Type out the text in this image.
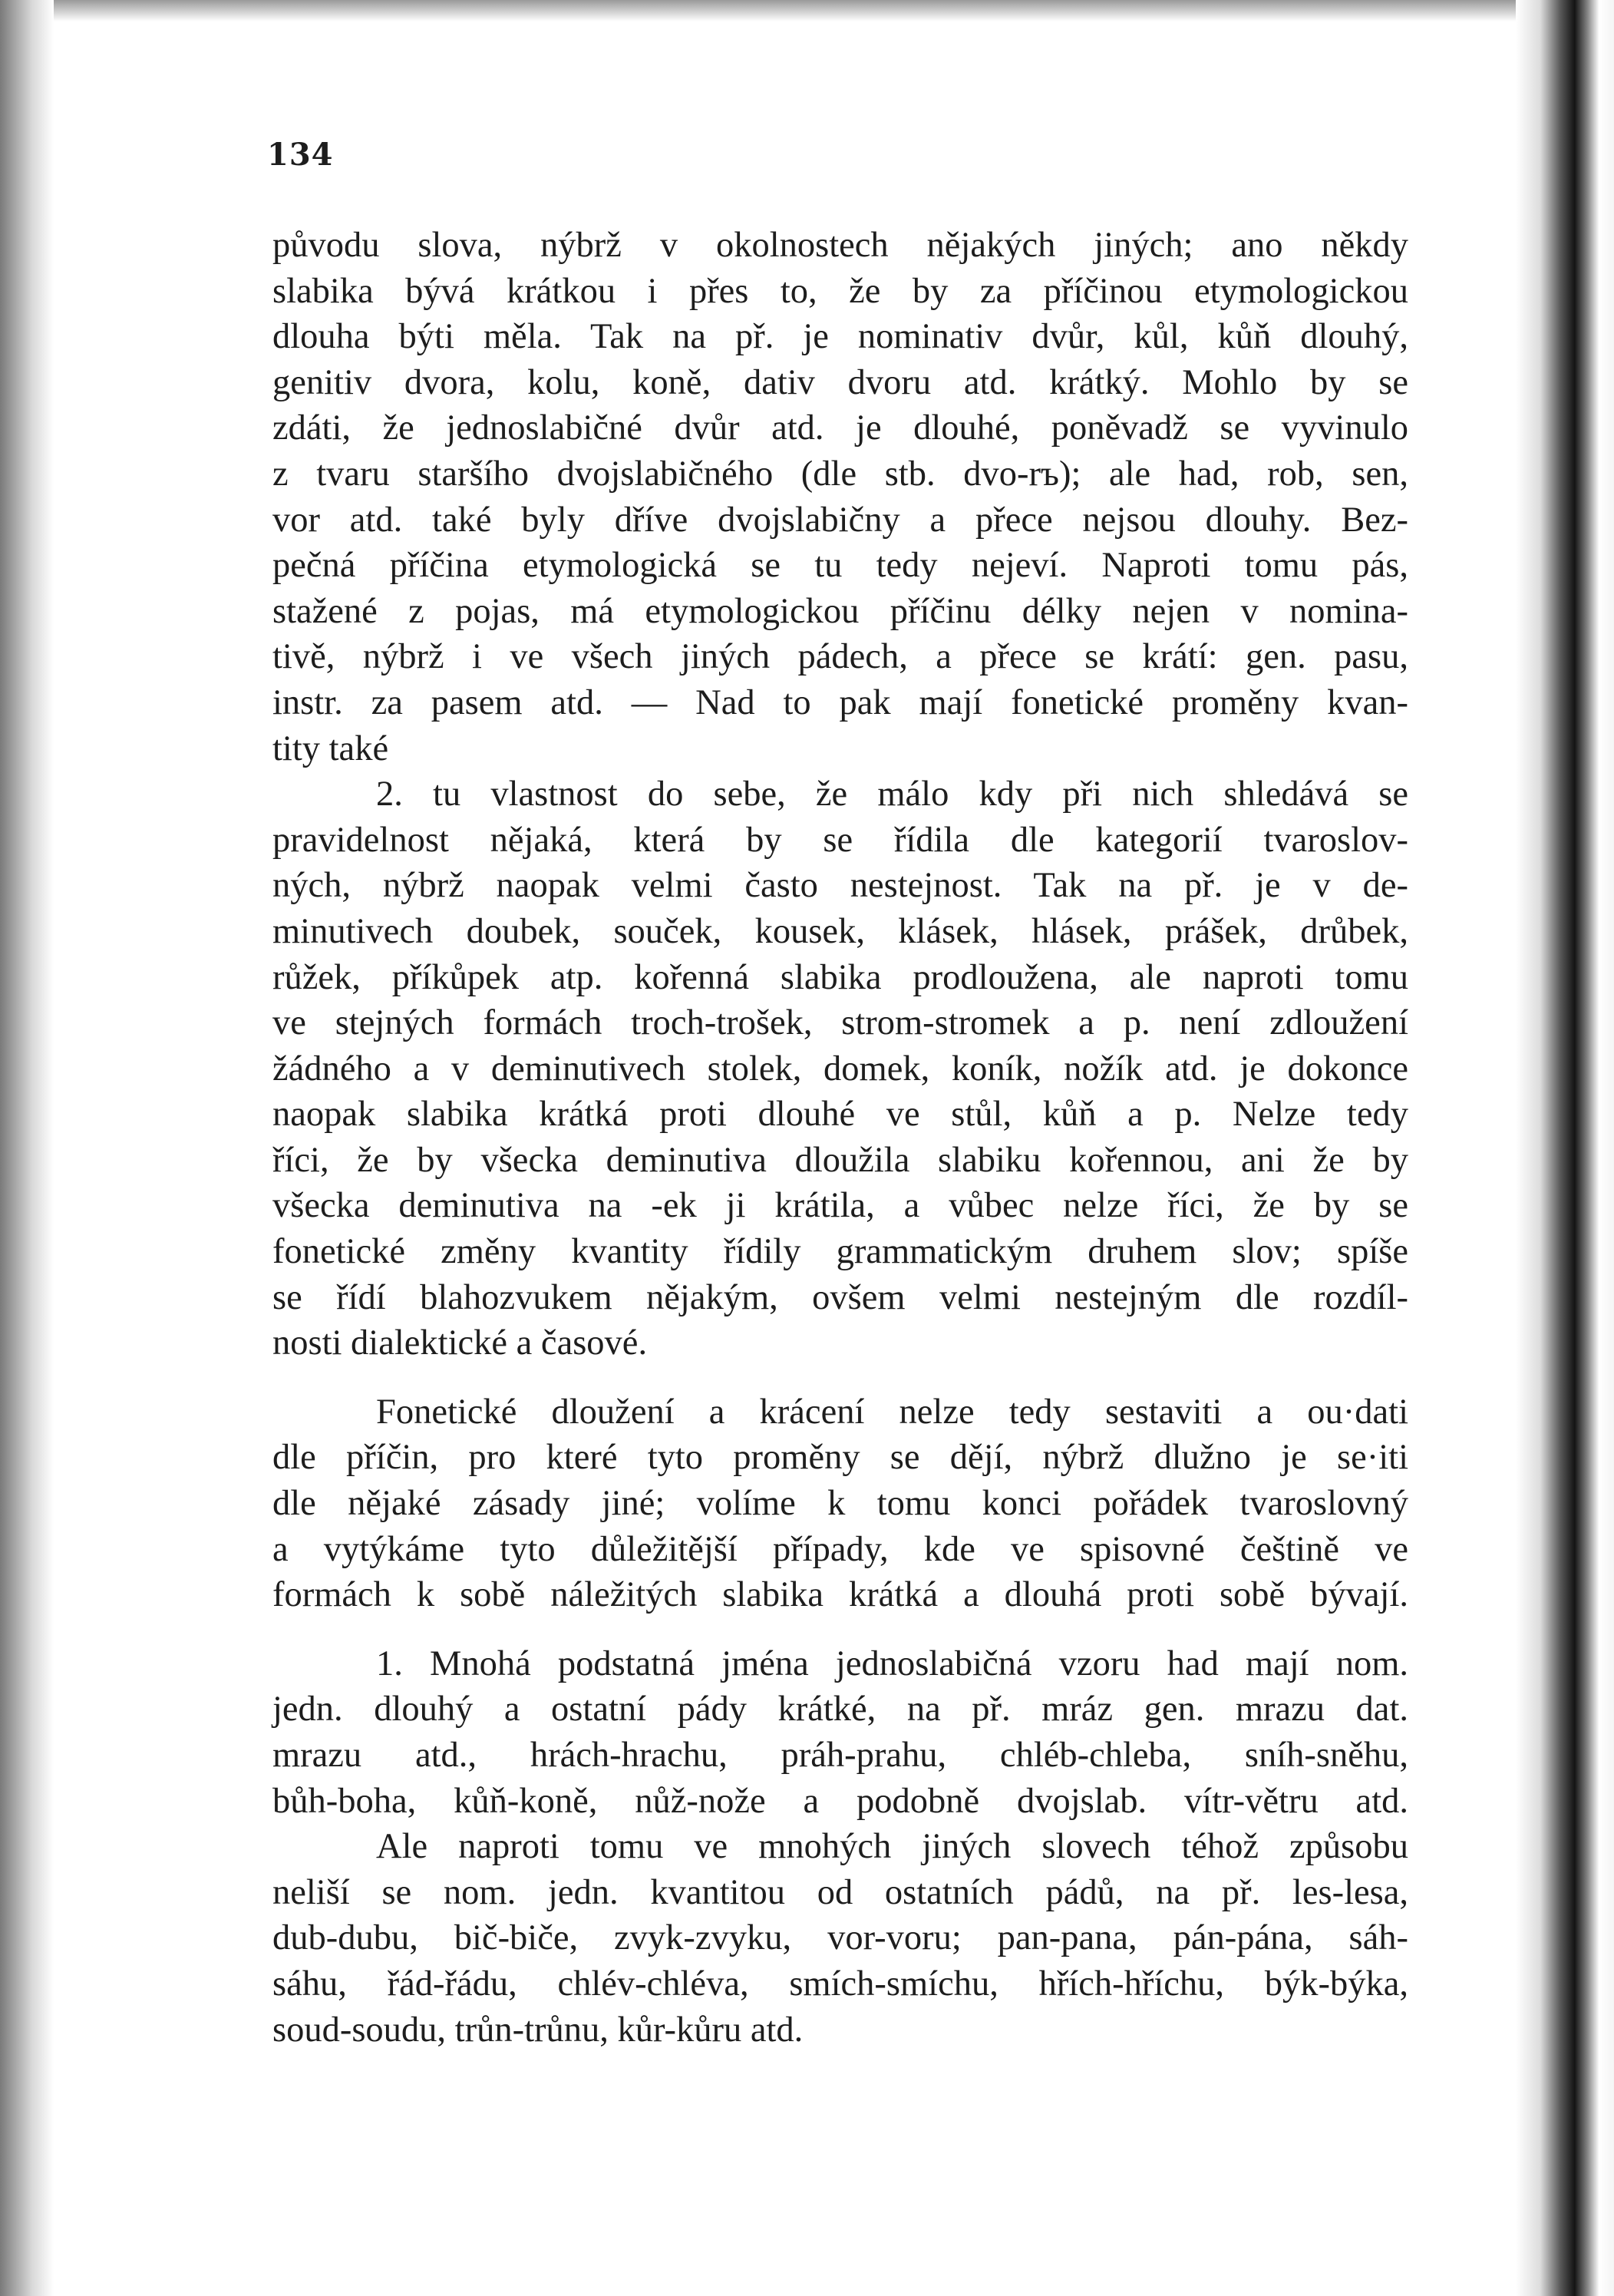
134
původu slova, nýbrž v okolnostech nějakých jiných; ano někdy
slabika bývá krátkou i přes to, že by za příčinou etymologickou
dlouha býti měla. Tak na př. je nominativ dvůr, kůl, kůň dlouhý,
genitiv dvora, kolu, koně, dativ dvoru atd. krátký. Mohlo by se
zdáti, že jednoslabičné dvůr atd. je dlouhé, poněvadž se vyvinulo
z tvaru staršího dvojslabičného (dle stb. dvo-rъ); ale had, rob, sen,
vor atd. také byly dříve dvojslabičny a přece nejsou dlouhy. Bez-
pečná příčina etymologická se tu tedy nejeví. Naproti tomu pás,
stažené z pojas, má etymologickou příčinu délky nejen v nomina-
tivě, nýbrž i ve všech jiných pádech, a přece se krátí: gen. pasu,
instr. za pasem atd. — Nad to pak mají fonetické proměny kvan-
tity také
2. tu vlastnost do sebe, že málo kdy při nich shledává se
pravidelnost nějaká, která by se řídila dle kategorií tvaroslov-
ných, nýbrž naopak velmi často nestejnost. Tak na př. je v de-
minutivech doubek, souček, kousek, klásek, hlásek, prášek, drůbek,
růžek, příkůpek atp. kořenná slabika prodloužena, ale naproti tomu
ve stejných formách troch-trošek, strom-stromek a p. není zdloužení
žádného a v deminutivech stolek, domek, koník, nožík atd. je dokonce
naopak slabika krátká proti dlouhé ve stůl, kůň a p. Nelze tedy
říci, že by všecka deminutiva dloužila slabiku kořennou, ani že by
všecka deminutiva na -ek ji krátila, a vůbec nelze říci, že by se
fonetické změny kvantity řídily grammatickým druhem slov; spíše
se řídí blahozvukem nějakým, ovšem velmi nestejným dle rozdíl-
nosti dialektické a časové.
Fonetické dloužení a krácení nelze tedy sestaviti a ou·dati
dle příčin, pro které tyto proměny se dějí, nýbrž dlužno je se·iti
dle nějaké zásady jiné; volíme k tomu konci pořádek tvaroslovný
a vytýkáme tyto důležitější případy, kde ve spisovné češtině ve
formách k sobě náležitých slabika krátká a dlouhá proti sobě bývají.
1. Mnohá podstatná jména jednoslabičná vzoru had mají nom.
jedn. dlouhý a ostatní pády krátké, na př. mráz gen. mrazu dat.
mrazu atd., hrách-hrachu, práh-prahu, chléb-chleba, sníh-sněhu,
bůh-boha, kůň-koně, nůž-nože a podobně dvojslab. vítr-větru atd.
Ale naproti tomu ve mnohých jiných slovech téhož způsobu
neliší se nom. jedn. kvantitou od ostatních pádů, na př. les-lesa,
dub-dubu, bič-biče, zvyk-zvyku, vor-voru; pan-pana, pán-pána, sáh-
sáhu, řád-řádu, chlév-chléva, smích-smíchu, hřích-hříchu, býk-býka,
soud-soudu, trůn-trůnu, kůr-kůru atd.
